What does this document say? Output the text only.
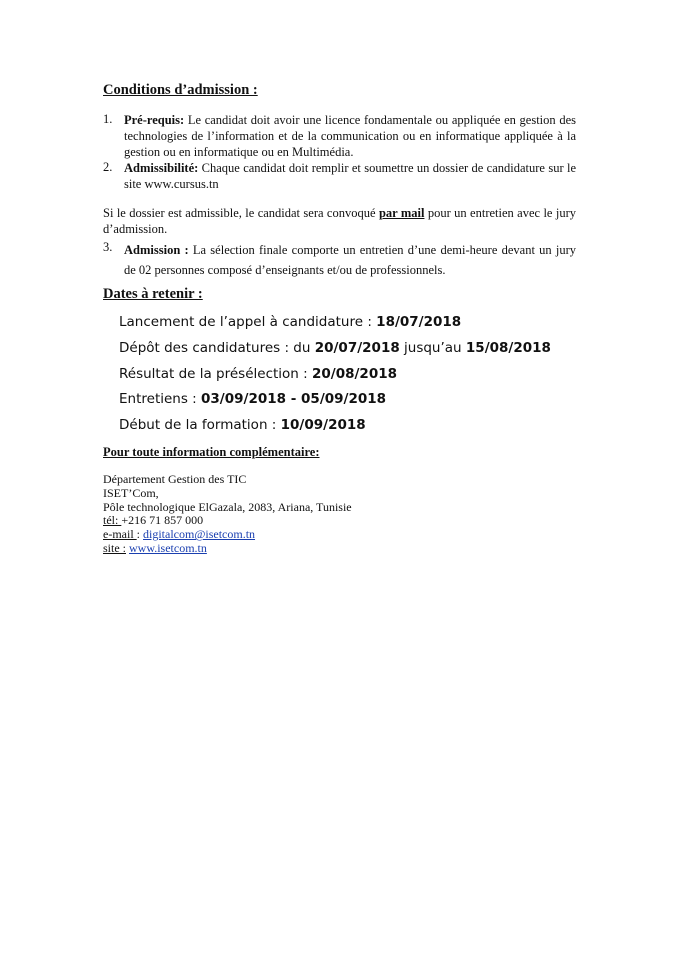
Conditions d’admission :
1. Pré-requis: Le candidat doit avoir une licence fondamentale ou appliquée en gestion des technologies de l’information et de la communication ou en informatique appliquée à la gestion ou en informatique ou en Multimédia.
2. Admissibilité: Chaque candidat doit remplir et soumettre un dossier de candidature sur le site www.cursus.tn
Si le dossier est admissible, le candidat sera convoqué par mail pour un entretien avec le jury d’admission.
3. Admission : La sélection finale comporte un entretien d’une demi-heure devant un jury de 02 personnes composé d’enseignants et/ou de professionnels.
Dates à retenir :
Lancement de l’appel à candidature : 18/07/2018
Dépôt des candidatures : du 20/07/2018 jusqu’au 15/08/2018
Résultat de la présélection : 20/08/2018
Entretiens : 03/09/2018 - 05/09/2018
Début de la formation : 10/09/2018
Pour toute information complémentaire:
Département Gestion des TIC
ISET’Com,
Pôle technologique ElGazala, 2083, Ariana, Tunisie
tél: +216 71 857 000
e-mail : digitalcom@isetcom.tn
site : www.isetcom.tn
